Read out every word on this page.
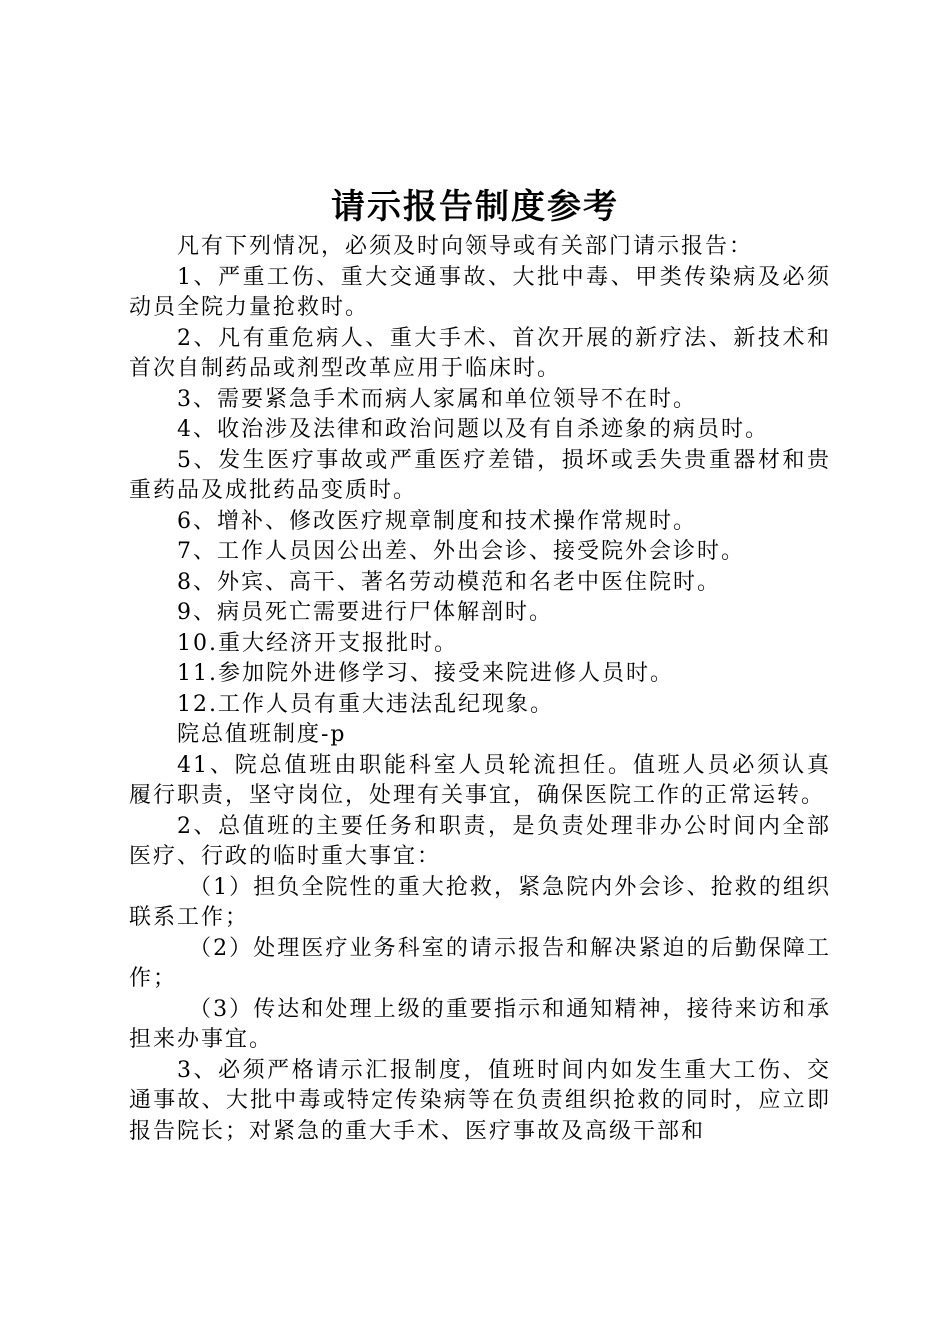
请示报告制度参考

凡有下列情况，必须及时向领导或有关部门请示报告：

1、严重工伤、重大交通事故、大批中毒、甲类传染病及必须动员全院力量抢救时。

2、凡有重危病人、重大手术、首次开展的新疗法、新技术和首次自制药品或剂型改革应用于临床时。

3、需要紧急手术而病人家属和单位领导不在时。

4、收治涉及法律和政治问题以及有自杀迹象的病员时。

5、发生医疗事故或严重医疗差错，损坏或丢失贵重器材和贵重药品及成批药品变质时。

6、增补、修改医疗规章制度和技术操作常规时。

7、工作人员因公出差、外出会诊、接受院外会诊时。

8、外宾、高干、著名劳动模范和名老中医住院时。

9、病员死亡需要进行尸体解剖时。

10.重大经济开支报批时。

11.参加院外进修学习、接受来院进修人员时。

12.工作人员有重大违法乱纪现象。

院总值班制度-p

41、院总值班由职能科室人员轮流担任。值班人员必须认真履行职责，坚守岗位，处理有关事宜，确保医院工作的正常运转。

2、总值班的主要任务和职责，是负责处理非办公时间内全部医疗、行政的临时重大事宜：

（1）担负全院性的重大抢救，紧急院内外会诊、抢救的组织联系工作；

（2）处理医疗业务科室的请示报告和解决紧迫的后勤保障工作；

（3）传达和处理上级的重要指示和通知精神，接待来访和承担来办事宜。

3、必须严格请示汇报制度，值班时间内如发生重大工伤、交通事故、大批中毒或特定传染病等在负责组织抢救的同时，应立即报告院长；对紧急的重大手术、医疗事故及高级干部和
